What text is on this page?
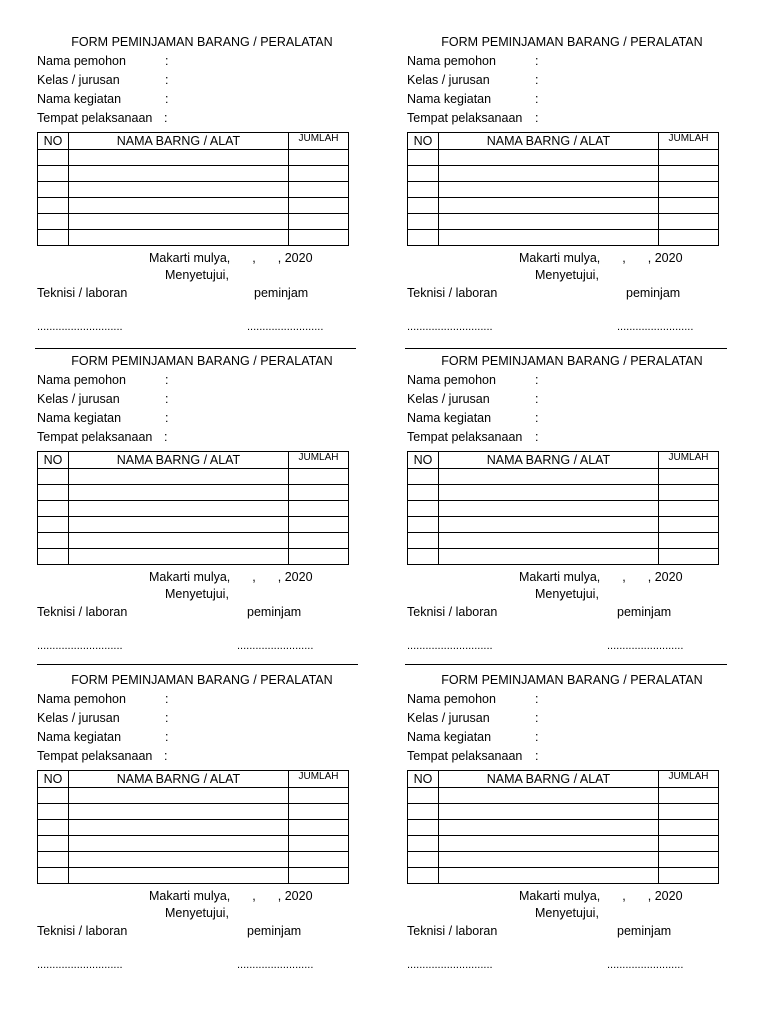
FORM PEMINJAMAN BARANG / PERALATAN
Nama pemohon	:
Kelas / jurusan	:
Nama kegiatan	:
Tempat pelaksanaan :
NO	NAMA BARNG / ALAT	JUMLAH

Makarti mulya, , , 2020
Menyetujui,
Teknisi / laboran	peminjam
............................	.........................
FORM PEMINJAMAN BARANG / PERALATAN
Nama pemohon	:
Kelas / jurusan	:
Nama kegiatan	:
Tempat pelaksanaan :
NO	NAMA BARNG / ALAT	JUMLAH

Makarti mulya, , , 2020
Menyetujui,
Teknisi / laboran	peminjam
............................	.........................
FORM PEMINJAMAN BARANG / PERALATAN
Nama pemohon	:
Kelas / jurusan	:
Nama kegiatan	:
Tempat pelaksanaan :
NO	NAMA BARNG / ALAT	JUMLAH

Makarti mulya, , , 2020
Menyetujui,
Teknisi / laboran	peminjam
............................	.........................
FORM PEMINJAMAN BARANG / PERALATAN
Nama pemohon	:
Kelas / jurusan	:
Nama kegiatan	:
Tempat pelaksanaan :
NO	NAMA BARNG / ALAT	JUMLAH

Makarti mulya, , , 2020
Menyetujui,
Teknisi / laboran	peminjam
............................	.........................
FORM PEMINJAMAN BARANG / PERALATAN
Nama pemohon	:
Kelas / jurusan	:
Nama kegiatan	:
Tempat pelaksanaan :
NO	NAMA BARNG / ALAT	JUMLAH

Makarti mulya, , , 2020
Menyetujui,
Teknisi / laboran	peminjam
............................	.........................
FORM PEMINJAMAN BARANG / PERALATAN
Nama pemohon	:
Kelas / jurusan	:
Nama kegiatan	:
Tempat pelaksanaan :
NO	NAMA BARNG / ALAT	JUMLAH

Makarti mulya, , , 2020
Menyetujui,
Teknisi / laboran	peminjam
............................	.........................
